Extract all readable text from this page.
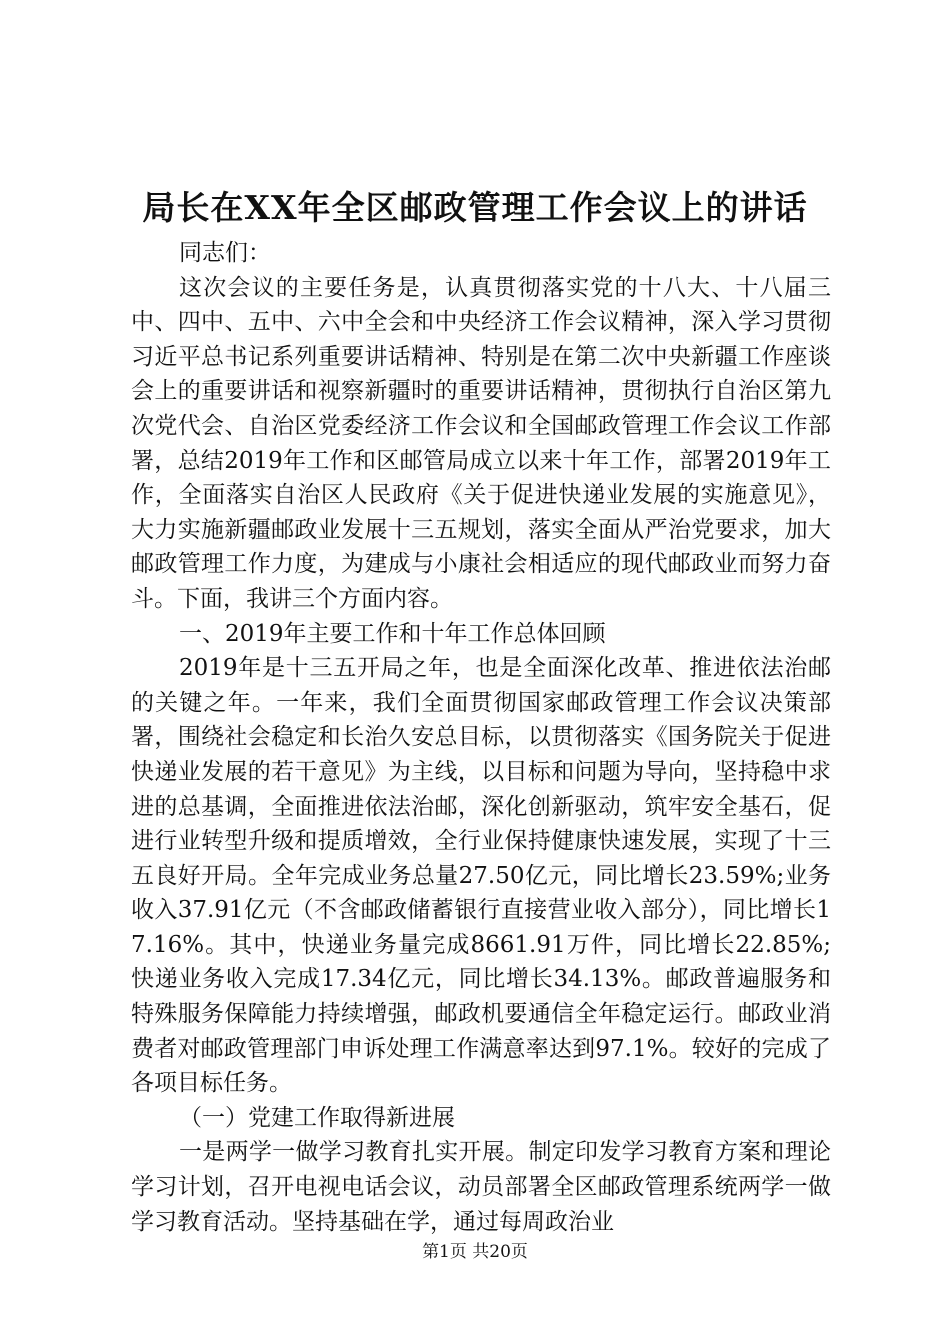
局长在XX年全区邮政管理工作会议上的讲话

同志们：

这次会议的主要任务是，认真贯彻落实党的十八大、十八届三中、四中、五中、六中全会和中央经济工作会议精神，深入学习贯彻习近平总书记系列重要讲话精神、特别是在第二次中央新疆工作座谈会上的重要讲话和视察新疆时的重要讲话精神，贯彻执行自治区第九次党代会、自治区党委经济工作会议和全国邮政管理工作会议工作部署，总结2019年工作和区邮管局成立以来十年工作，部署2019年工作，全面落实自治区人民政府《关于促进快递业发展的实施意见》，大力实施新疆邮政业发展十三五规划，落实全面从严治党要求，加大邮政管理工作力度，为建成与小康社会相适应的现代邮政业而努力奋斗。下面，我讲三个方面内容。

一、2019年主要工作和十年工作总体回顾

2019年是十三五开局之年，也是全面深化改革、推进依法治邮的关键之年。一年来，我们全面贯彻国家邮政管理工作会议决策部署，围绕社会稳定和长治久安总目标，以贯彻落实《国务院关于促进快递业发展的若干意见》为主线，以目标和问题为导向，坚持稳中求进的总基调，全面推进依法治邮，深化创新驱动，筑牢安全基石，促进行业转型升级和提质增效，全行业保持健康快速发展，实现了十三五良好开局。全年完成业务总量27.50亿元，同比增长23.59%;业务收入37.91亿元（不含邮政储蓄银行直接营业收入部分），同比增长17.16%。其中，快递业务量完成8661.91万件，同比增长22.85%;快递业务收入完成17.34亿元，同比增长34.13%。邮政普遍服务和特殊服务保障能力持续增强，邮政机要通信全年稳定运行。邮政业消费者对邮政管理部门申诉处理工作满意率达到97.1%。较好的完成了各项目标任务。

（一）党建工作取得新进展

一是两学一做学习教育扎实开展。制定印发学习教育方案和理论学习计划，召开电视电话会议，动员部署全区邮政管理系统两学一做学习教育活动。坚持基础在学，通过每周政治业

第1页 共20页
